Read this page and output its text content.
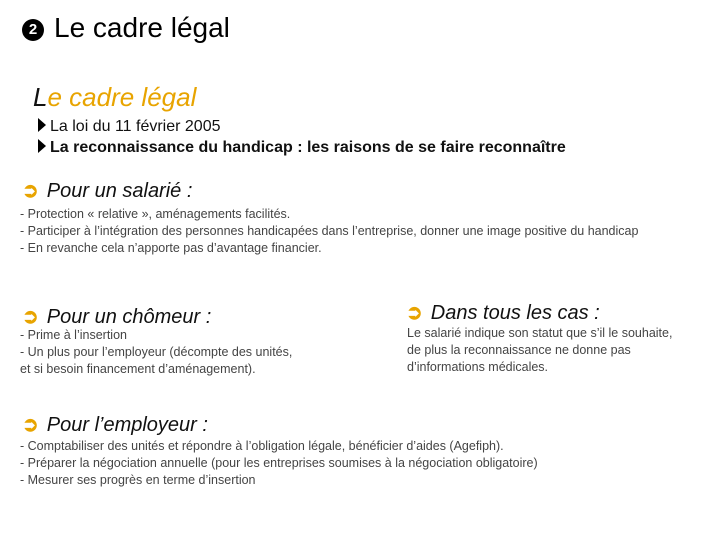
2 Le cadre légal
Le cadre légal
La loi du 11 février 2005
La reconnaissance du handicap : les raisons de se faire reconnaître
➲ Pour un salarié :
- Protection « relative », aménagements facilités.
- Participer à l’intégration des personnes handicapées dans l’entreprise, donner une image positive du handicap
- En revanche cela n’apporte pas d’avantage financier.
➲ Pour un chômeur :
- Prime à l’insertion
- Un plus pour l’employeur (décompte des unités,
et si besoin financement d’aménagement).
➲ Dans tous les cas :
Le salarié indique son statut que s’il le souhaite,
de plus la reconnaissance ne donne pas
d’informations médicales.
➲ Pour l’employeur :
- Comptabiliser des unités et répondre à l’obligation légale, bénéficier d’aides (Agefiph).
- Préparer la négociation annuelle (pour les entreprises soumises à la négociation obligatoire)
- Mesurer ses progrès en terme d’insertion
